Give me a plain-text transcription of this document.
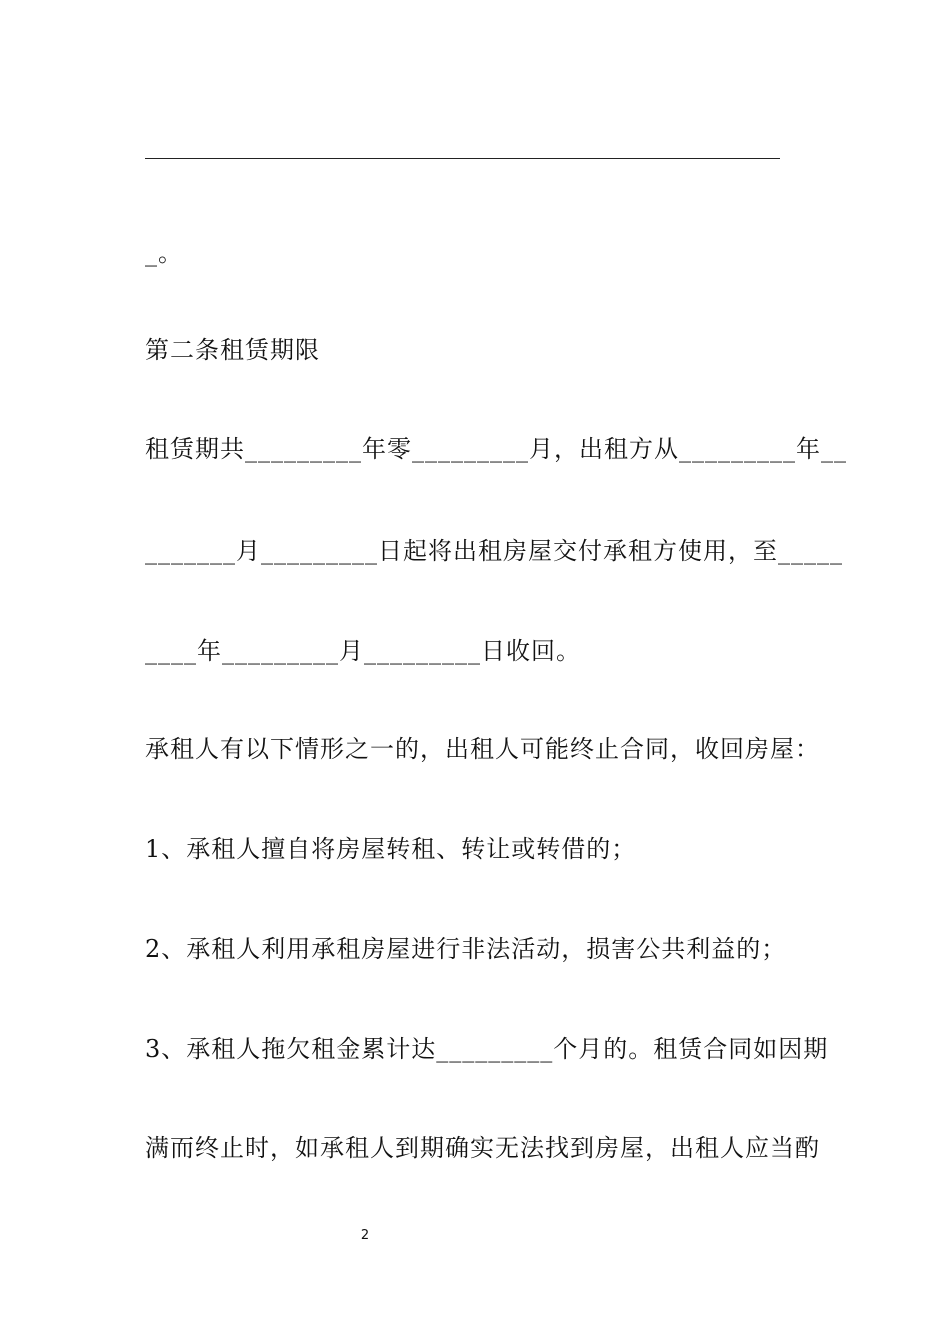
_。
第二条租赁期限
租赁期共_________年零_________月，出租方从_________年__
_______月_________日起将出租房屋交付承租方使用，至_____
____年_________月_________日收回。
承租人有以下情形之一的，出租人可能终止合同，收回房屋：
1、承租人擅自将房屋转租、转让或转借的；
2、承租人利用承租房屋进行非法活动，损害公共利益的；
3、承租人拖欠租金累计达_________个月的。租赁合同如因期
满而终止时，如承租人到期确实无法找到房屋，出租人应当酌
2
